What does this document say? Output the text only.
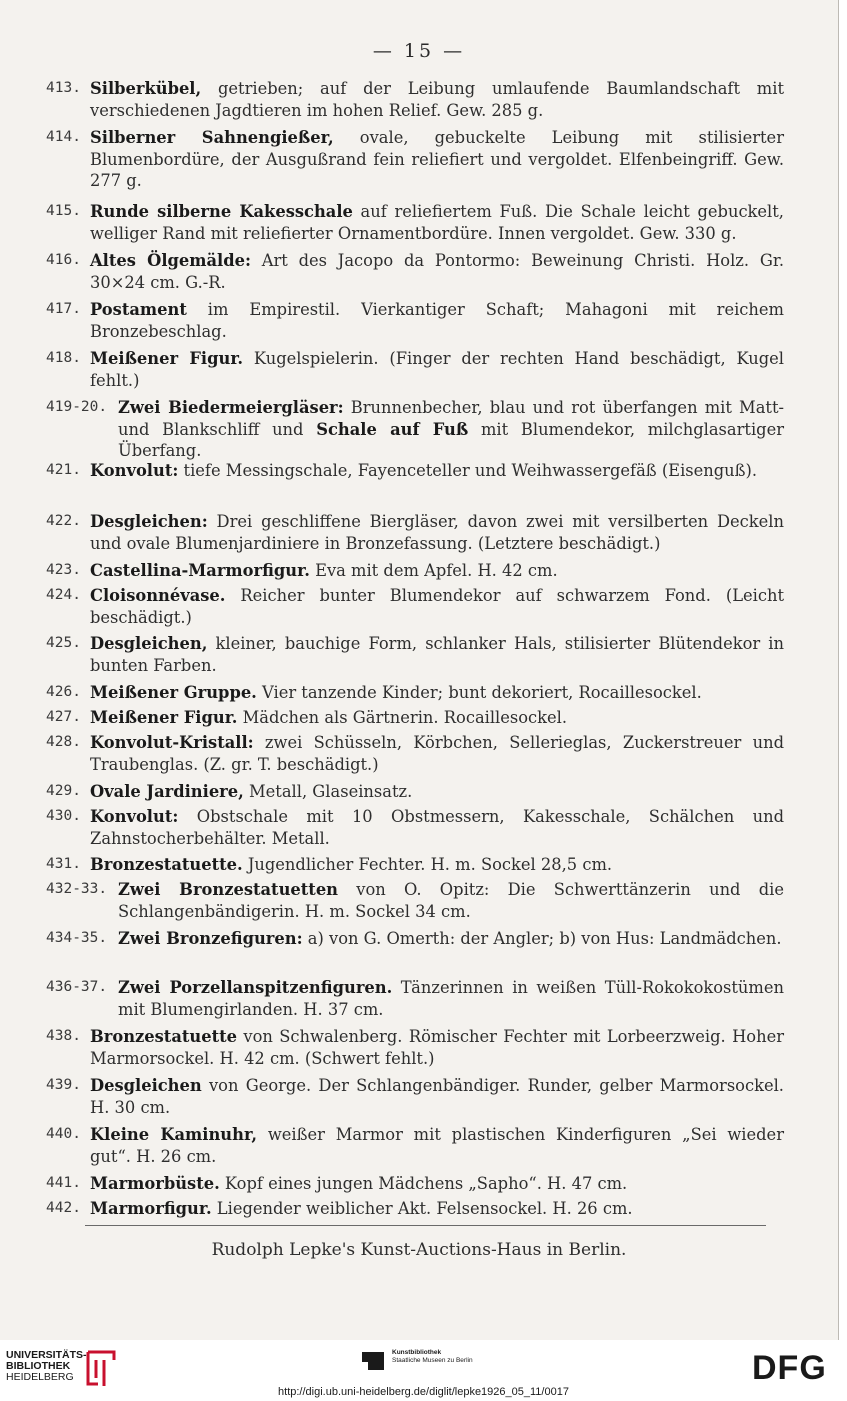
— 15 —
413. Silberkübel, getrieben; auf der Leibung umlaufende Baumlandschaft mit verschiedenen Jagdtieren im hohen Relief. Gew. 285 g.
414. Silberner Sahnengießer, ovale, gebuckelte Leibung mit stilisierter Blumenbordüre, der Ausgußrand fein reliefiert und vergoldet. Elfenbeingriff. Gew. 277 g.
415. Runde silberne Kakesschale auf reliefiertem Fuß. Die Schale leicht gebuckelt, welliger Rand mit reliefierter Ornamentbordüre. Innen vergoldet. Gew. 330 g.
416. Altes Ölgemälde: Art des Jacopo da Pontormo: Beweinung Christi. Holz. Gr. 30×24 cm. G.-R.
417. Postament im Empirestil. Vierkantiger Schaft; Mahagoni mit reichem Bronzebeschlag.
418. Meißener Figur. Kugelspielerin. (Finger der rechten Hand beschädigt, Kugel fehlt.)
419-20. Zwei Biedermeiergläser: Brunnenbecher, blau und rot überfangen mit Matt- und Blankschliff und Schale auf Fuß mit Blumendekor, milchglasartiger Überfang.
421. Konvolut: tiefe Messingschale, Fayenceteller und Weihwassergefäß (Eisenguß).
422. Desgleichen: Drei geschliffene Biergläser, davon zwei mit versilberten Deckeln und ovale Blumenjardiniere in Bronzefassung. (Letztere beschädigt.)
423. Castellina-Marmorfigur. Eva mit dem Apfel. H. 42 cm.
424. Cloisonnévase. Reicher bunter Blumendekor auf schwarzem Fond. (Leicht beschädigt.)
425. Desgleichen, kleiner, bauchige Form, schlanker Hals, stilisierter Blütendekor in bunten Farben.
426. Meißener Gruppe. Vier tanzende Kinder; bunt dekoriert, Rocaillesockel.
427. Meißener Figur. Mädchen als Gärtnerin. Rocaillesockel.
428. Konvolut-Kristall: zwei Schüsseln, Körbchen, Sellerieglas, Zuckerstreuer und Traubenglas. (Z. gr. T. beschädigt.)
429. Ovale Jardiniere, Metall, Glaseinsatz.
430. Konvolut: Obstschale mit 10 Obstmessern, Kakesschale, Schälchen und Zahnstocherbehälter. Metall.
431. Bronzestatuette. Jugendlicher Fechter. H. m. Sockel 28,5 cm.
432-33. Zwei Bronzestatuetten von O. Opitz: Die Schwerttänzerin und die Schlangenbändigerin. H. m. Sockel 34 cm.
434-35. Zwei Bronzefiguren: a) von G. Omerth: der Angler; b) von Hus: Landmädchen.
436-37. Zwei Porzellanspitzenfiguren. Tänzerinnen in weißen Tüll-Rokokokostümen mit Blumengirlanden. H. 37 cm.
438. Bronzestatuette von Schwalenberg. Römischer Fechter mit Lorbeerzweig. Hoher Marmorsockel. H. 42 cm. (Schwert fehlt.)
439. Desgleichen von George. Der Schlangenbändiger. Runder, gelber Marmorsockel. H. 30 cm.
440. Kleine Kaminuhr, weißer Marmor mit plastischen Kinderfiguren „Sei wieder gut“. H. 26 cm.
441. Marmorbüste. Kopf eines jungen Mädchens „Sapho“. H. 47 cm.
442. Marmorfigur. Liegender weiblicher Akt. Felsensockel. H. 26 cm.
Rudolph Lepke's Kunst-Auctions-Haus in Berlin.
UNIVERSITÄTS-
BIBLIOTHEK
HEIDELBERG
Kunstbibliothek
Staatliche Museen zu Berlin	DFG
http://digi.ub.uni-heidelberg.de/diglit/lepke1926_05_11/0017
